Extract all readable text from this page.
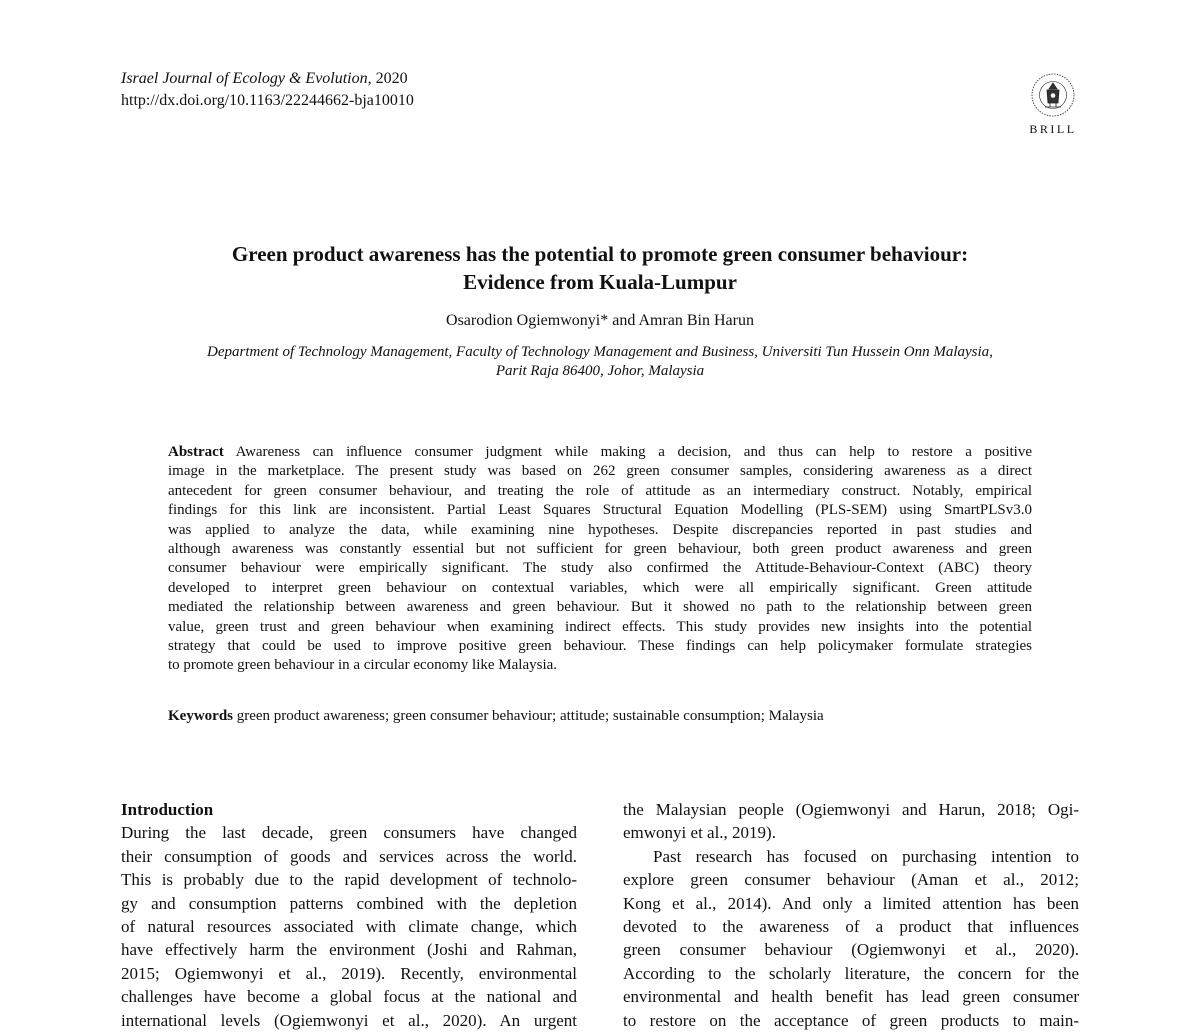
Israel Journal of Ecology & Evolution, 2020
http://dx.doi.org/10.1163/22244662-bja10010
BRILL
Green product awareness has the potential to promote green consumer behaviour:
Evidence from Kuala-Lumpur
Osarodion Ogiemwonyi* and Amran Bin Harun
Department of Technology Management, Faculty of Technology Management and Business, Universiti Tun Hussein Onn Malaysia,
Parit Raja 86400, Johor, Malaysia
Abstract Awareness can influence consumer judgment while making a decision, and thus can help to restore a positive
image in the marketplace. The present study was based on 262 green consumer samples, considering awareness as a direct
antecedent for green consumer behaviour, and treating the role of attitude as an intermediary construct. Notably, empirical
findings for this link are inconsistent. Partial Least Squares Structural Equation Modelling (PLS-SEM) using SmartPLSv3.0
was applied to analyze the data, while examining nine hypotheses. Despite discrepancies reported in past studies and
although awareness was constantly essential but not sufficient for green behaviour, both green product awareness and green
consumer behaviour were empirically significant. The study also confirmed the Attitude-Behaviour-Context (ABC) theory
developed to interpret green behaviour on contextual variables, which were all empirically significant. Green attitude
mediated the relationship between awareness and green behaviour. But it showed no path to the relationship between green
value, green trust and green behaviour when examining indirect effects. This study provides new insights into the potential
strategy that could be used to improve positive green behaviour. These findings can help policymaker formulate strategies
to promote green behaviour in a circular economy like Malaysia.
Keywords green product awareness; green consumer behaviour; attitude; sustainable consumption; Malaysia
Introduction
During the last decade, green consumers have changed
their consumption of goods and services across the world.
This is probably due to the rapid development of technolo-
gy and consumption patterns combined with the depletion
of natural resources associated with climate change, which
have effectively harm the environment (Joshi and Rahman,
2015; Ogiemwonyi et al., 2019). Recently, environmental
challenges have become a global focus at the national and
international levels (Ogiemwonyi et al., 2020). An urgent
the Malaysian people (Ogiemwonyi and Harun, 2018; Ogi-
emwonyi et al., 2019).
Past research has focused on purchasing intention to
explore green consumer behaviour (Aman et al., 2012;
Kong et al., 2014). And only a limited attention has been
devoted to the awareness of a product that influences
green consumer behaviour (Ogiemwonyi et al., 2020).
According to the scholarly literature, the concern for the
environmental and health benefit has lead green consumer
to restore on the acceptance of green products to main-
